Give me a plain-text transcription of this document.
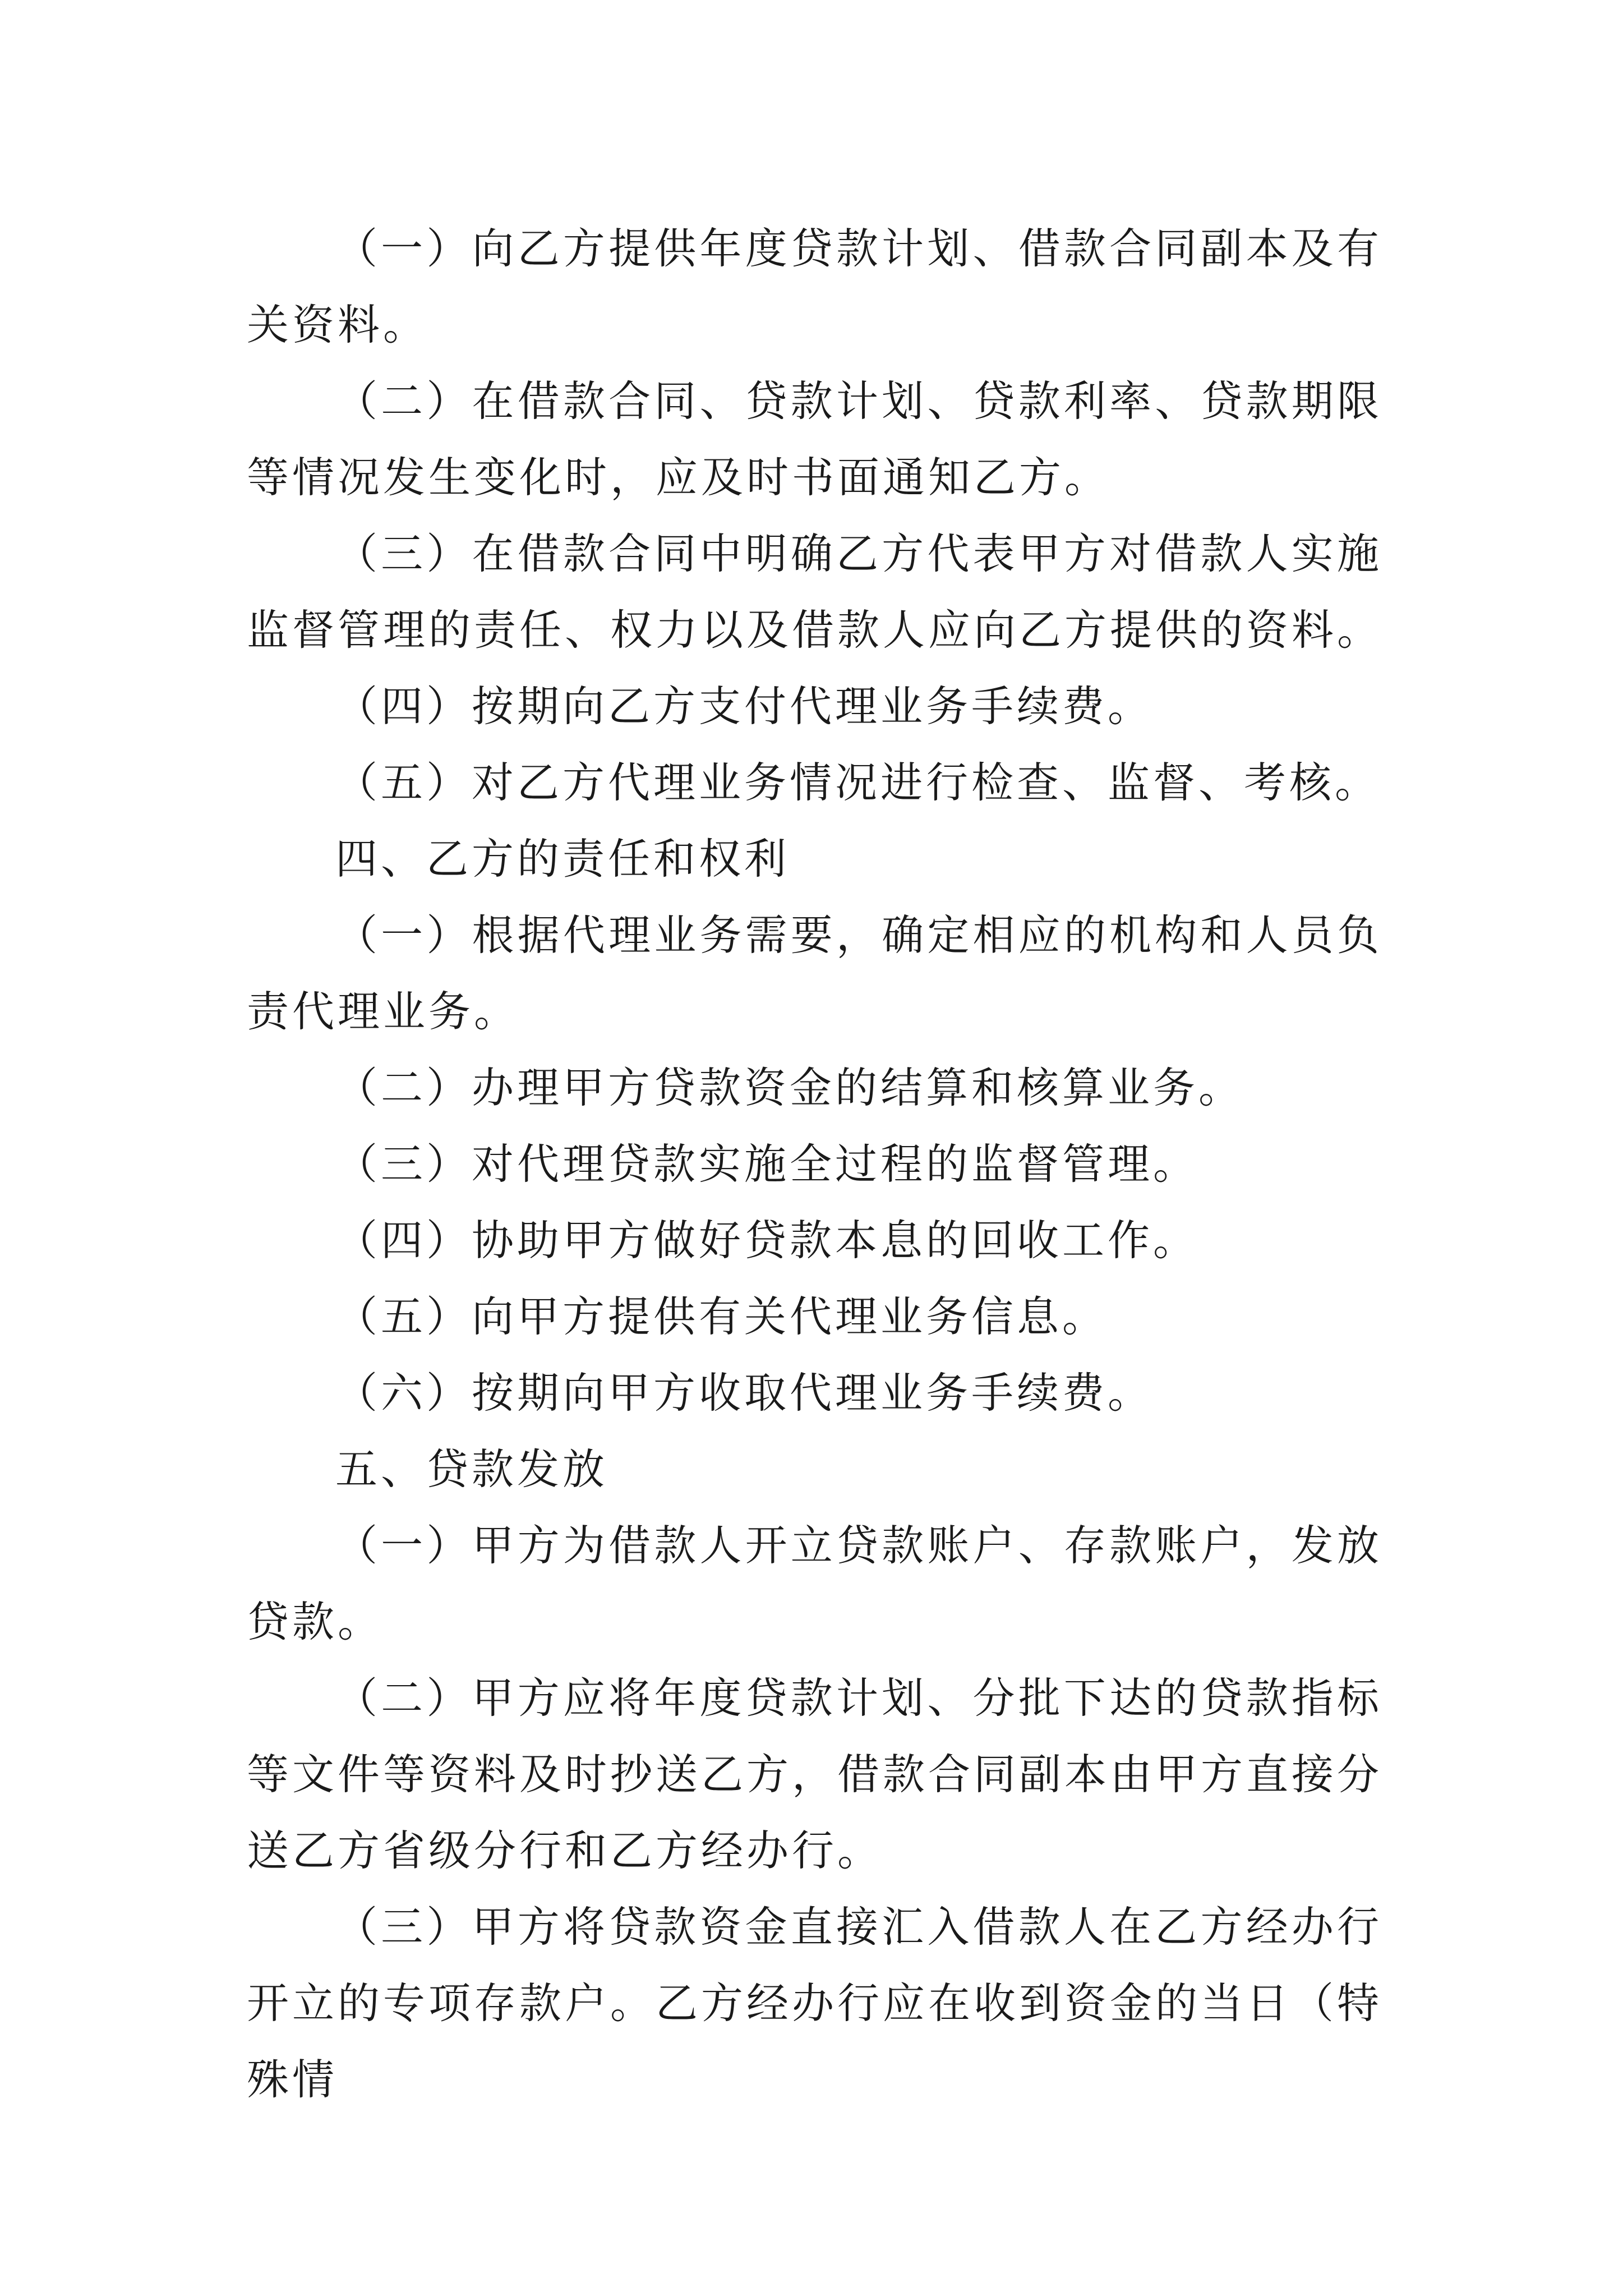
（一）向乙方提供年度贷款计划、借款合同副本及有关资料。

（二）在借款合同、贷款计划、贷款利率、贷款期限等情况发生变化时，应及时书面通知乙方。

（三）在借款合同中明确乙方代表甲方对借款人实施监督管理的责任、权力以及借款人应向乙方提供的资料。

（四）按期向乙方支付代理业务手续费。

（五）对乙方代理业务情况进行检查、监督、考核。

四、乙方的责任和权利

（一）根据代理业务需要，确定相应的机构和人员负责代理业务。

（二）办理甲方贷款资金的结算和核算业务。

（三）对代理贷款实施全过程的监督管理。

（四）协助甲方做好贷款本息的回收工作。

（五）向甲方提供有关代理业务信息。

（六）按期向甲方收取代理业务手续费。

五、贷款发放

（一）甲方为借款人开立贷款账户、存款账户，发放贷款。

（二）甲方应将年度贷款计划、分批下达的贷款指标等文件等资料及时抄送乙方，借款合同副本由甲方直接分送乙方省级分行和乙方经办行。

（三）甲方将贷款资金直接汇入借款人在乙方经办行开立的专项存款户。乙方经办行应在收到资金的当日（特殊情
